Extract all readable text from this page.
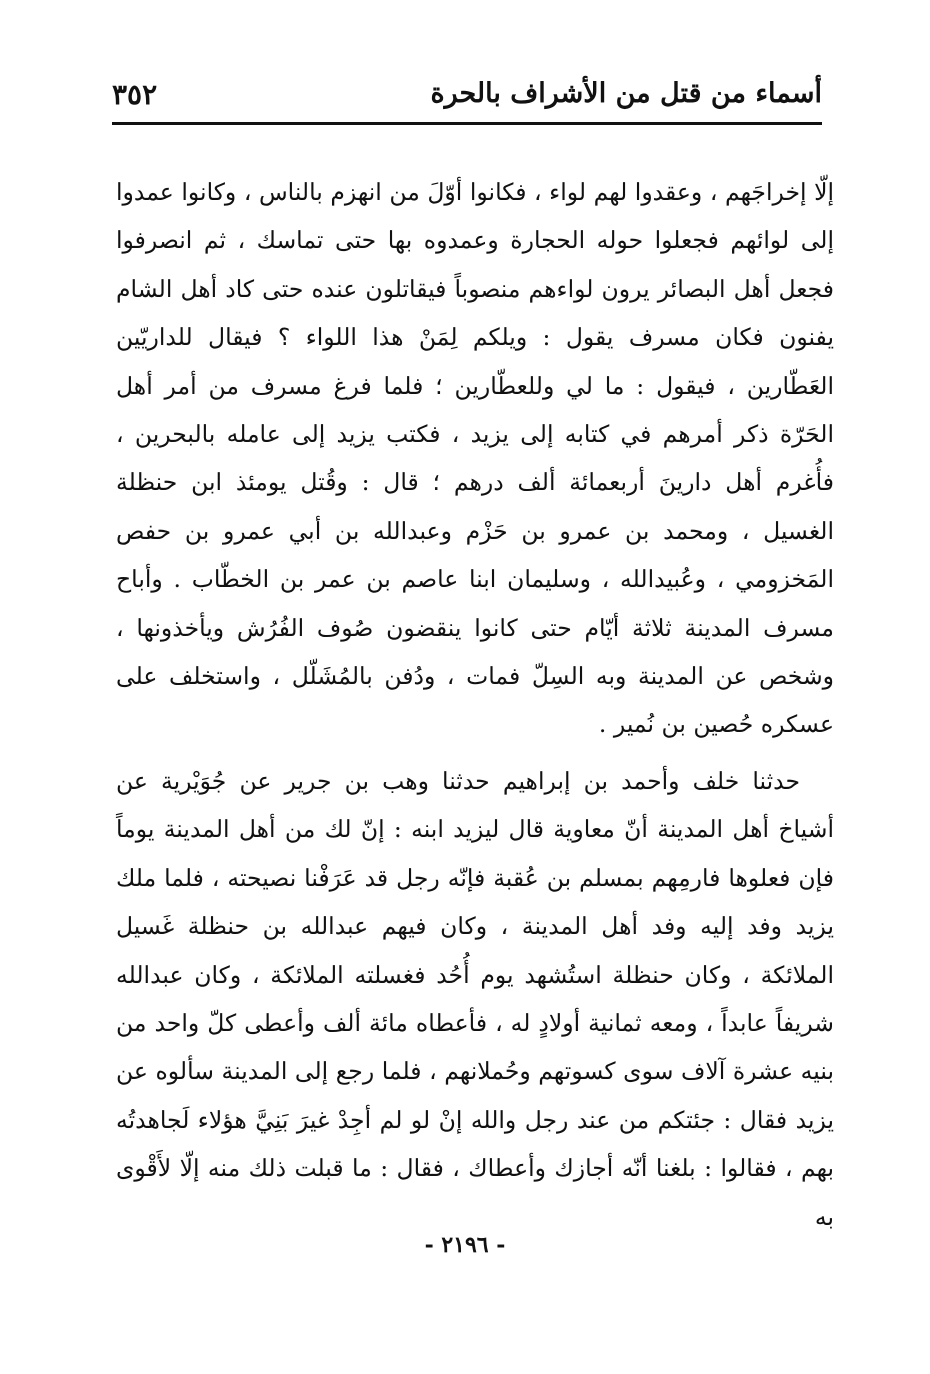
أسماء من قتل من الأشراف بالحرة
٣٥٢

إلّا إخراجَهم ، وعقدوا لهم لواء ، فكانوا أوّلَ من انهزم بالناس ، وكانوا عمدوا إلى لوائهم فجعلوا حوله الحجارة وعمدوه بها حتى تماسك ، ثم انصرفوا فجعل أهل البصائر يرون لواءهم منصوباً فيقاتلون عنده حتى كاد أهل الشام يفنون فكان مسرف يقول : ويلكم لِمَنْ هذا اللواء ؟ فيقال للداريّين العَطّارين ، فيقول : ما لي وللعطّارين ؛ فلما فرغ مسرف من أمر أهل الحَرّة ذكر أمرهم في كتابه إلى يزيد ، فكتب يزيد إلى عامله بالبحرين ، فأُغرم أهل دارينَ أربعمائة ألف درهم ؛ قال : وقُتل يومئذ ابن حنظلة الغسيل ، ومحمد بن عمرو بن حَزْم وعبدالله بن أبي عمرو بن حفص المَخزومي ، وعُبيدالله ، وسليمان ابنا عاصم بن عمر بن الخطّاب . وأباح مسرف المدينة ثلاثة أيّام حتى كانوا ينقضون صُوف الفُرُش ويأخذونها ، وشخص عن المدينة وبه السِلّ فمات ، ودُفن بالمُشَلّل ، واستخلف على عسكره حُصين بن نُمير .

حدثنا خلف وأحمد بن إبراهيم حدثنا وهب بن جرير عن جُوَيْرية عن أشياخ أهل المدينة أنّ معاوية قال ليزيد ابنه : إنّ لك من أهل المدينة يوماً فإن فعلوها فارمِهم بمسلم بن عُقبة فإنّه رجل قد عَرَفْنا نصيحته ، فلما ملك يزيد وفد إليه وفد أهل المدينة ، وكان فيهم عبدالله بن حنظلة غَسيل الملائكة ، وكان حنظلة استُشهد يوم أُحُد فغسلته الملائكة ، وكان عبدالله شريفاً عابداً ، ومعه ثمانية أولادٍ له ، فأعطاه مائة ألف وأعطى كلّ واحد من بنيه عشرة آلاف سوى كسوتهم وحُملانهم ، فلما رجع إلى المدينة سألوه عن يزيد فقال : جئتكم من عند رجل والله إنْ لو لم أجِدْ غيرَ بَنِيَّ هؤلاء لَجاهدتُه بهم ، فقالوا : بلغنا أنّه أجازك وأعطاك ، فقال : ما قبلت ذلك منه إلّا لأَقْوى به

- ٢١٩٦ -
